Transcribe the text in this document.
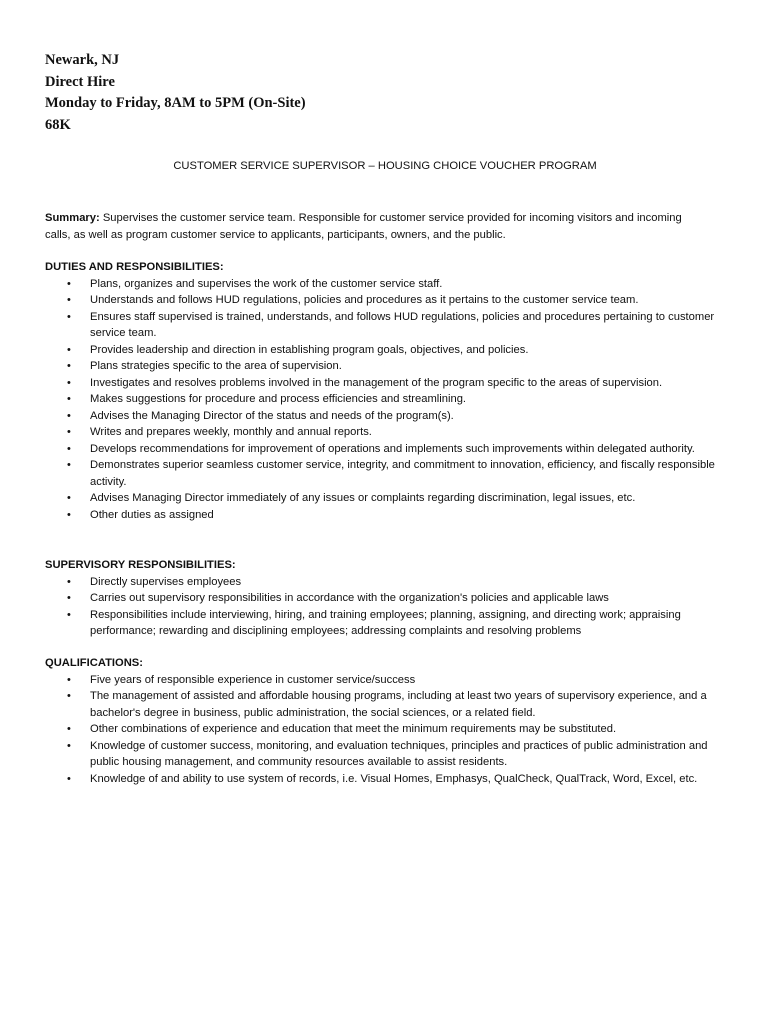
Newark, NJ
Direct Hire
Monday to Friday, 8AM to 5PM (On-Site)
68K
CUSTOMER SERVICE SUPERVISOR – HOUSING CHOICE VOUCHER PROGRAM
Summary: Supervises the customer service team. Responsible for customer service provided for incoming visitors and incoming calls, as well as program customer service to applicants, participants, owners, and the public.
DUTIES AND RESPONSIBILITIES:
• Plans, organizes and supervises the work of the customer service staff.
• Understands and follows HUD regulations, policies and procedures as it pertains to the customer service team.
• Ensures staff supervised is trained, understands, and follows HUD regulations, policies and procedures pertaining to customer service team.
• Provides leadership and direction in establishing program goals, objectives, and policies.
• Plans strategies specific to the area of supervision.
• Investigates and resolves problems involved in the management of the program specific to the areas of supervision.
• Makes suggestions for procedure and process efficiencies and streamlining.
• Advises the Managing Director of the status and needs of the program(s).
• Writes and prepares weekly, monthly and annual reports.
• Develops recommendations for improvement of operations and implements such improvements within delegated authority.
• Demonstrates superior seamless customer service, integrity, and commitment to innovation, efficiency, and fiscally responsible activity.
• Advises Managing Director immediately of any issues or complaints regarding discrimination, legal issues, etc.
• Other duties as assigned
SUPERVISORY RESPONSIBILITIES:
• Directly supervises employees
• Carries out supervisory responsibilities in accordance with the organization's policies and applicable laws
• Responsibilities include interviewing, hiring, and training employees; planning, assigning, and directing work; appraising performance; rewarding and disciplining employees; addressing complaints and resolving problems
QUALIFICATIONS:
• Five years of responsible experience in customer service/success
• The management of assisted and affordable housing programs, including at least two years of supervisory experience, and a bachelor's degree in business, public administration, the social sciences, or a related field.
• Other combinations of experience and education that meet the minimum requirements may be substituted.
• Knowledge of customer success, monitoring, and evaluation techniques, principles and practices of public administration and public housing management, and community resources available to assist residents.
• Knowledge of and ability to use system of records, i.e. Visual Homes, Emphasys, QualCheck, QualTrack, Word, Excel, etc.
